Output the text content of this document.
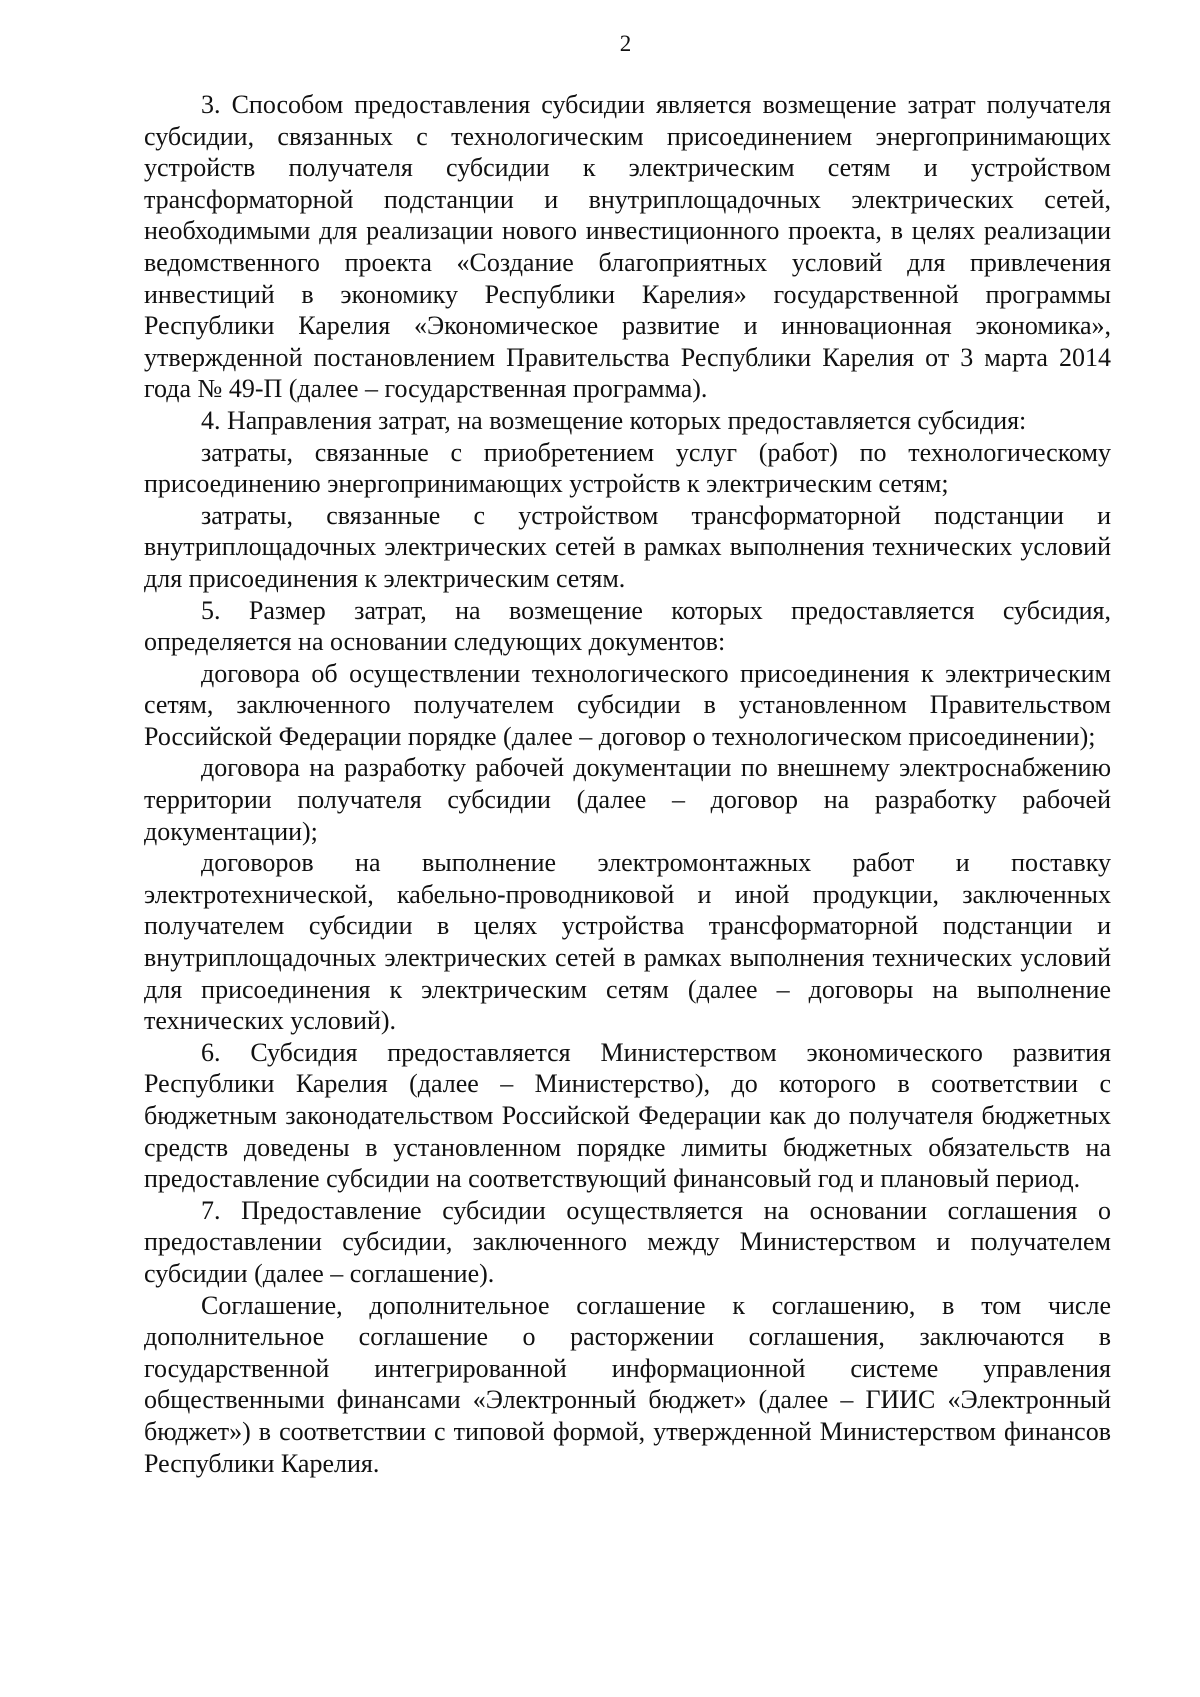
2

3. Способом предоставления субсидии является возмещение затрат получателя субсидии, связанных с технологическим присоединением энергопринимающих устройств получателя субсидии к электрическим сетям и устройством трансформаторной подстанции и внутриплощадочных электрических сетей, необходимыми для реализации нового инвестиционного проекта, в целях реализации ведомственного проекта «Создание благоприятных условий для привлечения инвестиций в экономику Республики Карелия» государственной программы Республики Карелия «Экономическое развитие и инновационная экономика», утвержденной постановлением Правительства Республики Карелия от 3 марта 2014 года № 49-П (далее – государственная программа).

4. Направления затрат, на возмещение которых предоставляется субсидия:

затраты, связанные с приобретением услуг (работ) по технологическому присоединению энергопринимающих устройств к электрическим сетям;

затраты, связанные с устройством трансформаторной подстанции и внутриплощадочных электрических сетей в рамках выполнения технических условий для присоединения к электрическим сетям.

5. Размер затрат, на возмещение которых предоставляется субсидия, определяется на основании следующих документов:

договора об осуществлении технологического присоединения к электрическим сетям, заключенного получателем субсидии в установленном Правительством Российской Федерации порядке (далее – договор о технологическом присоединении);

договора на разработку рабочей документации по внешнему электроснабжению территории получателя субсидии (далее – договор на разработку рабочей документации);

договоров на выполнение электромонтажных работ и поставку электротехнической, кабельно-проводниковой и иной продукции, заключенных получателем субсидии в целях устройства трансформаторной подстанции и внутриплощадочных электрических сетей в рамках выполнения технических условий для присоединения к электрическим сетям (далее – договоры на выполнение технических условий).

6. Субсидия предоставляется Министерством экономического развития Республики Карелия (далее – Министерство), до которого в соответствии с бюджетным законодательством Российской Федерации как до получателя бюджетных средств доведены в установленном порядке лимиты бюджетных обязательств на предоставление субсидии на соответствующий финансовый год и плановый период.

7. Предоставление субсидии осуществляется на основании соглашения о предоставлении субсидии, заключенного между Министерством и получателем субсидии (далее – соглашение).

Соглашение, дополнительное соглашение к соглашению, в том числе дополнительное соглашение о расторжении соглашения, заключаются в государственной интегрированной информационной системе управления общественными финансами «Электронный бюджет» (далее – ГИИС «Электронный бюджет») в соответствии с типовой формой, утвержденной Министерством финансов Республики Карелия.
